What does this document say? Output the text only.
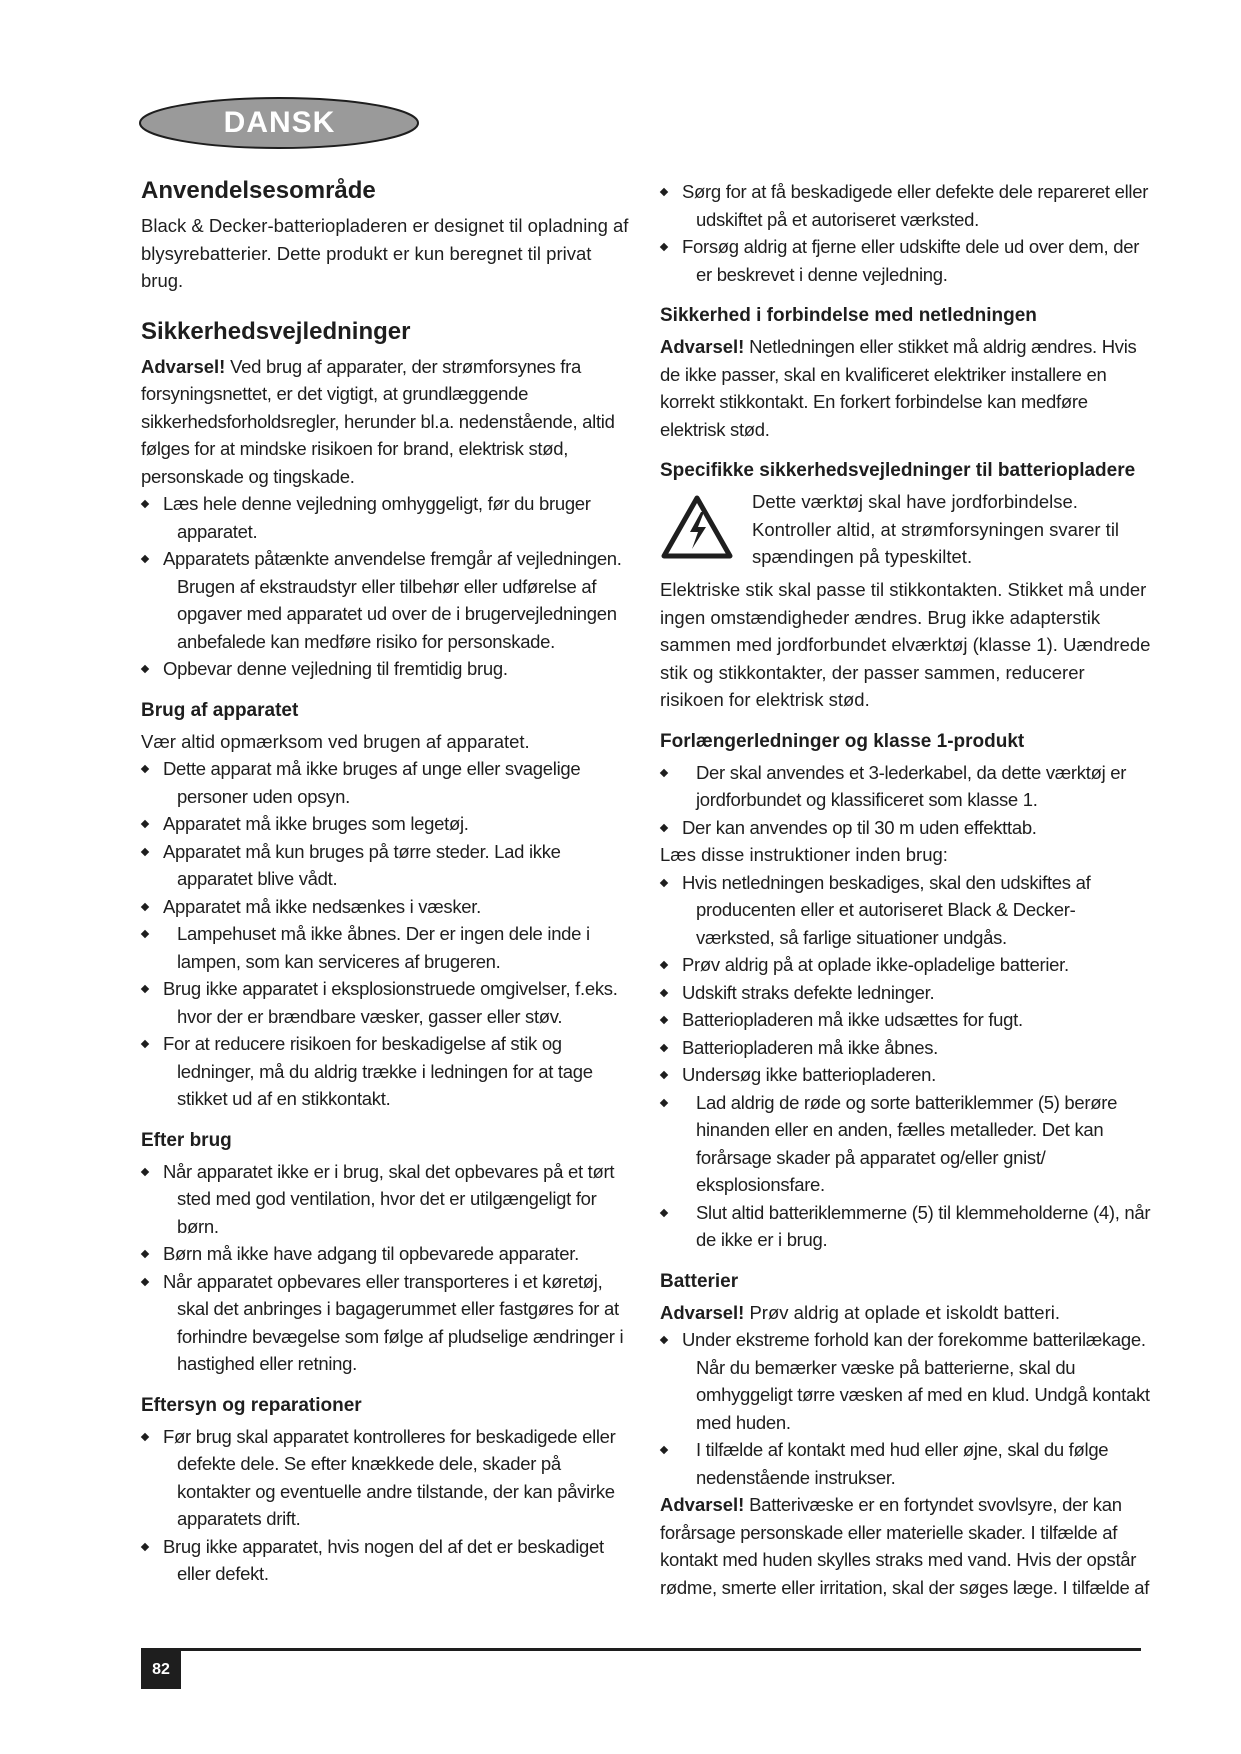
DANSK
Anvendelsesområde

Black & Decker-batteriopladeren er designet til opladning af blysyrebatterier. Dette produkt er kun beregnet til privat brug.

Sikkerhedsvejledninger

Advarsel! Ved brug af apparater, der strømforsynes fra forsyningsnettet, er det vigtigt, at grundlæggende sikkerhedsforholdsregler, herunder bl.a. nedenstående, altid følges for at mindske risikoen for brand, elektrisk stød, personskade og tingskade.

Læs hele denne vejledning omhyggeligt, før du bruger apparatet.
Apparatets påtænkte anvendelse fremgår af vejledningen. Brugen af ekstraudstyr eller tilbehør eller udførelse af opgaver med apparatet ud over de i brugervejledningen anbefalede kan medføre risiko for personskade.
Opbevar denne vejledning til fremtidig brug.
Brug af apparatet

Vær altid opmærksom ved brugen af apparatet.

Dette apparat må ikke bruges af unge eller svagelige personer uden opsyn.
Apparatet må ikke bruges som legetøj.
Apparatet må kun bruges på tørre steder. Lad ikke apparatet blive vådt.
Apparatet må ikke nedsænkes i væsker.
Lampehuset må ikke åbnes. Der er ingen dele inde i lampen, som kan serviceres af brugeren.
Brug ikke apparatet i eksplosionstruede omgivelser, f.eks. hvor der er brændbare væsker, gasser eller støv.
For at reducere risikoen for beskadigelse af stik og ledninger, må du aldrig trække i ledningen for at tage stikket ud af en stikkontakt.
Efter brug
Når apparatet ikke er i brug, skal det opbevares på et tørt sted med god ventilation, hvor det er utilgængeligt for børn.
Børn må ikke have adgang til opbevarede apparater.
Når apparatet opbevares eller transporteres i et køretøj, skal det anbringes i bagagerummet eller fastgøres for at forhindre bevægelse som følge af pludselige ændringer i hastighed eller retning.
Eftersyn og reparationer
Før brug skal apparatet kontrolleres for beskadigede eller defekte dele. Se efter knækkede dele, skader på kontakter og eventuelle andre tilstande, der kan påvirke apparatets drift.
Brug ikke apparatet, hvis nogen del af det er beskadiget eller defekt.
Sørg for at få beskadigede eller defekte dele repareret eller udskiftet på et autoriseret værksted.
Forsøg aldrig at fjerne eller udskifte dele ud over dem, der er beskrevet i denne vejledning.
Sikkerhed i forbindelse med netledningen

Advarsel! Netledningen eller stikket må aldrig ændres. Hvis de ikke passer, skal en kvalificeret elektriker installere en korrekt stikkontakt. En forkert forbindelse kan medføre elektrisk stød.

Specifikke sikkerhedsvejledninger til batteriopladere

Dette værktøj skal have jordforbindelse. Kontroller altid, at strømforsyningen svarer til spændingen på typeskiltet.

Elektriske stik skal passe til stikkontakten. Stikket må under ingen omstændigheder ændres. Brug ikke adapterstik sammen med jordforbundet elværktøj (klasse 1). Uændrede stik og stikkontakter, der passer sammen, reducerer risikoen for elektrisk stød.

Forlængerledninger og klasse 1-produkt
Der skal anvendes et 3-lederkabel, da dette værktøj er jordforbundet og klassificeret som klasse 1.
Der kan anvendes op til 30 m uden effekttab.

Læs disse instruktioner inden brug:

Hvis netledningen beskadiges, skal den udskiftes af producenten eller et autoriseret Black & Decker-værksted, så farlige situationer undgås.
Prøv aldrig på at oplade ikke-opladelige batterier.
Udskift straks defekte ledninger.
Batteriopladeren må ikke udsættes for fugt.
Batteriopladeren må ikke åbnes.
Undersøg ikke batteriopladeren.
Lad aldrig de røde og sorte batteriklemmer (5) berøre hinanden eller en anden, fælles metalleder. Det kan forårsage skader på apparatet og/eller gnist/ eksplosionsfare.
Slut altid batteriklemmerne (5) til klemmeholderne (4), når de ikke er i brug.
Batterier

Advarsel! Prøv aldrig at oplade et iskoldt batteri.

Under ekstreme forhold kan der forekomme batterilækage. Når du bemærker væske på batterierne, skal du omhyggeligt tørre væsken af med en klud. Undgå kontakt med huden.
I tilfælde af kontakt med hud eller øjne, skal du følge nedenstående instrukser.

Advarsel! Batterivæske er en fortyndet svovlsyre, der kan forårsage personskade eller materielle skader. I tilfælde af kontakt med huden skylles straks med vand. Hvis der opstår rødme, smerte eller irritation, skal der søges læge. I tilfælde af

82
